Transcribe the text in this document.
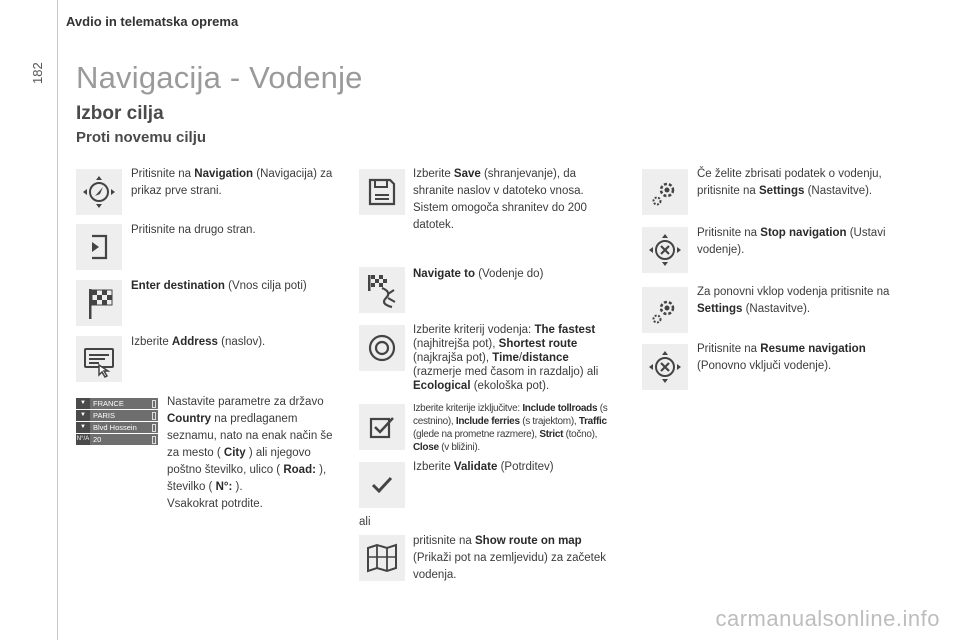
Avdio in telematska oprema
182 Navigacija - Vodenje
Izbor cilja
Proti novemu cilju
Pritisnite na Navigation (Navigacija) za prikaz prve strani.
Pritisnite na drugo stran.
Enter destination (Vnos cilja poti)
Izberite Address (naslov).
▼ FRANCE
▼ PARIS
▼ Blvd Hossein
N°/A 20
Nastavite parametre za državo Country na predlaganem seznamu, nato na enak način še za mesto ( City ) ali njegovo poštno številko, ulico ( Road: ), številko ( N°: ).
Vsakokrat potrdite.
Izberite Save (shranjevanje), da shranite naslov v datoteko vnosa.
Sistem omogoča shranitev do 200 datotek.
Navigate to (Vodenje do)
Izberite kriterij vodenja: The fastest (najhitrejša pot), Shortest route (najkrajša pot), Time/distance (razmerje med časom in razdaljo) ali Ecological (ekološka pot).
Izberite kriterije izključitve: Include tollroads (s cestnino), Include ferries (s trajektom), Traffic (glede na prometne razmere), Strict (točno), Close (v bližini).
Izberite Validate (Potrditev)
ali
pritisnite na Show route on map (Prikaži pot na zemljevidu) za začetek vodenja.
Če želite zbrisati podatek o vodenju, pritisnite na Settings (Nastavitve).
Pritisnite na Stop navigation (Ustavi vodenje).
Za ponovni vklop vodenja pritisnite na Settings (Nastavitve).
Pritisnite na Resume navigation (Ponovno vključi vodenje).
carmanualsonline.info
